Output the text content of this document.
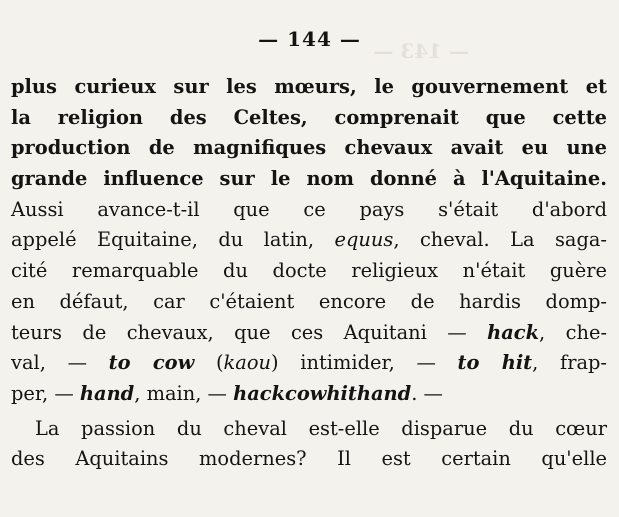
— 143 —
— 144 —
plus curieux sur les mœurs, le gouvernement et
la religion des Celtes, comprenait que cette
production de magnifiques chevaux avait eu une
grande influence sur le nom donné à l'Aquitaine.
Aussi avance-t-il que ce pays s'était d'abord
appelé Equitaine, du latin, equus, cheval. La saga-
cité remarquable du docte religieux n'était guère
en défaut, car c'étaient encore de hardis domp-
teurs de chevaux, que ces Aquitani — hack, che-
val, — to cow (kaou) intimider, — to hit, frap-
per, — hand, main, — hackcowhithand. —
La passion du cheval est-elle disparue du cœur
des Aquitains modernes? Il est certain qu'elle
